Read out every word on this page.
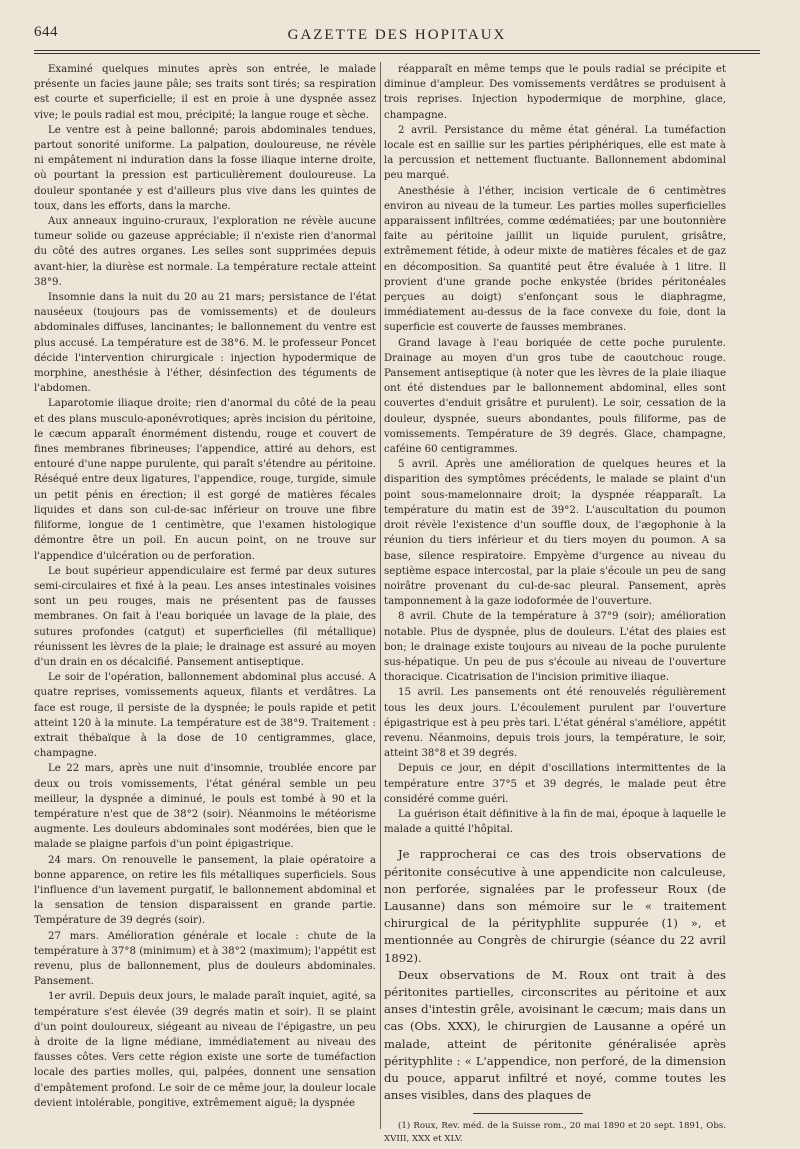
644	GAZETTE DES HOPITAUX

Examiné quelques minutes après son entrée, le malade présente un facies jaune pâle; ses traits sont tirés; sa respiration est courte et superficielle; il est en proie à une dyspnée assez vive; le pouls radial est mou, précipité; la langue rouge et sèche.

Le ventre est à peine ballonné; parois abdominales tendues, partout sonorité uniforme. La palpation, douloureuse, ne révèle ni empâtement ni induration dans la fosse iliaque interne droite, où pourtant la pression est particulièrement douloureuse. La douleur spontanée y est d'ailleurs plus vive dans les quintes de toux, dans les efforts, dans la marche.

Aux anneaux inguino-cruraux, l'exploration ne révèle aucune tumeur solide ou gazeuse appréciable; il n'existe rien d'anormal du côté des autres organes. Les selles sont supprimées depuis avant-hier, la diurèse est normale. La température rectale atteint 38°9.

Insomnie dans la nuit du 20 au 21 mars; persistance de l'état nauséeux (toujours pas de vomissements) et de douleurs abdominales diffuses, lancinantes; le ballonnement du ventre est plus accusé. La température est de 38°6. M. le professeur Poncet décide l'intervention chirurgicale : injection hypodermique de morphine, anesthésie à l'éther, désinfection des téguments de l'abdomen.

Laparotomie iliaque droite; rien d'anormal du côté de la peau et des plans musculo-aponévrotiques; après incision du péritoine, le cæcum apparaît énormément distendu, rouge et couvert de fines membranes fibrineuses; l'appendice, attiré au dehors, est entouré d'une nappe purulente, qui paraît s'étendre au péritoine. Réséqué entre deux ligatures, l'appendice, rouge, turgide, simule un petit pénis en érection; il est gorgé de matières fécales liquides et dans son cul-de-sac inférieur on trouve une fibre filiforme, longue de 1 centimètre, que l'examen histologique démontre être un poil. En aucun point, on ne trouve sur l'appendice d'ulcération ou de perforation.

Le bout supérieur appendiculaire est fermé par deux sutures semi-circulaires et fixé à la peau. Les anses intestinales voisines sont un peu rouges, mais ne présentent pas de fausses membranes. On fait à l'eau boriquée un lavage de la plaie, des sutures profondes (catgut) et superficielles (fil métallique) réunissent les lèvres de la plaie; le drainage est assuré au moyen d'un drain en os décalcifié. Pansement antiseptique.

Le soir de l'opération, ballonnement abdominal plus accusé. A quatre reprises, vomissements aqueux, filants et verdâtres. La face est rouge, il persiste de la dyspnée; le pouls rapide et petit atteint 120 à la minute. La température est de 38°9. Traitement : extrait thébaïque à la dose de 10 centigrammes, glace, champagne.

Le 22 mars, après une nuit d'insomnie, troublée encore par deux ou trois vomissements, l'état général semble un peu meilleur, la dyspnée a diminué, le pouls est tombé à 90 et la température n'est que de 38°2 (soir). Néanmoins le météorisme augmente. Les douleurs abdominales sont modérées, bien que le malade se plaigne parfois d'un point épigastrique.

24 mars. On renouvelle le pansement, la plaie opératoire a bonne apparence, on retire les fils métalliques superficiels. Sous l'influence d'un lavement purgatif, le ballonnement abdominal et la sensation de tension disparaissent en grande partie. Température de 39 degrés (soir).

27 mars. Amélioration générale et locale : chute de la température à 37°8 (minimum) et à 38°2 (maximum); l'appétit est revenu, plus de ballonnement, plus de douleurs abdominales. Pansement.

1er avril. Depuis deux jours, le malade paraît inquiet, agité, sa température s'est élevée (39 degrés matin et soir). Il se plaint d'un point douloureux, siégeant au niveau de l'épigastre, un peu à droite de la ligne médiane, immédiatement au niveau des fausses côtes. Vers cette région existe une sorte de tuméfaction locale des parties molles, qui, palpées, donnent une sensation d'empâtement profond. Le soir de ce même jour, la douleur locale devient intolérable, pongitive, extrêmement aiguë; la dyspnée

réapparaît en même temps que le pouls radial se précipite et diminue d'ampleur. Des vomissements verdâtres se produisent à trois reprises. Injection hypodermique de morphine, glace, champagne.

2 avril. Persistance du même état général. La tuméfaction locale est en saillie sur les parties périphériques, elle est mate à la percussion et nettement fluctuante. Ballonnement abdominal peu marqué.

Anesthésie à l'éther, incision verticale de 6 centimètres environ au niveau de la tumeur. Les parties molles superficielles apparaissent infiltrées, comme œdématiées; par une boutonnière faite au péritoine jaillit un liquide purulent, grisâtre, extrêmement fétide, à odeur mixte de matières fécales et de gaz en décomposition. Sa quantité peut être évaluée à 1 litre. Il provient d'une grande poche enkystée (brides péritonéales perçues au doigt) s'enfonçant sous le diaphragme, immédiatement au-dessus de la face convexe du foie, dont la superficie est couverte de fausses membranes.

Grand lavage à l'eau boriquée de cette poche purulente. Drainage au moyen d'un gros tube de caoutchouc rouge. Pansement antiseptique (à noter que les lèvres de la plaie iliaque ont été distendues par le ballonnement abdominal, elles sont couvertes d'enduit grisâtre et purulent). Le soir, cessation de la douleur, dyspnée, sueurs abondantes, pouls filiforme, pas de vomissements. Température de 39 degrés. Glace, champagne, caféine 60 centigrammes.

5 avril. Après une amélioration de quelques heures et la disparition des symptômes précédents, le malade se plaint d'un point sous-mamelonnaire droit; la dyspnée réapparaît. La température du matin est de 39°2. L'auscultation du poumon droit révèle l'existence d'un souffle doux, de l'ægophonie à la réunion du tiers inférieur et du tiers moyen du poumon. A sa base, silence respiratoire. Empyème d'urgence au niveau du septième espace intercostal, par la plaie s'écoule un peu de sang noirâtre provenant du cul-de-sac pleural. Pansement, après tamponnement à la gaze iodoformée de l'ouverture.

8 avril. Chute de la température à 37°9 (soir); amélioration notable. Plus de dyspnée, plus de douleurs. L'état des plaies est bon; le drainage existe toujours au niveau de la poche purulente sus-hépatique. Un peu de pus s'écoule au niveau de l'ouverture thoracique. Cicatrisation de l'incision primitive iliaque.

15 avril. Les pansements ont été renouvelés régulièrement tous les deux jours. L'écoulement purulent par l'ouverture épigastrique est à peu près tari. L'état général s'améliore, appétit revenu. Néanmoins, depuis trois jours, la température, le soir, atteint 38°8 et 39 degrés.

Depuis ce jour, en dépit d'oscillations intermittentes de la température entre 37°5 et 39 degrés, le malade peut être considéré comme guéri.

La guérison était définitive à la fin de mai, époque à laquelle le malade a quitté l'hôpital.

Je rapprocherai ce cas des trois observations de péritonite consécutive à une appendicite non calculeuse, non perforée, signalées par le professeur Roux (de Lausanne) dans son mémoire sur le « traitement chirurgical de la pérityphlite suppurée (1) », et mentionnée au Congrès de chirurgie (séance du 22 avril 1892).

Deux observations de M. Roux ont trait à des péritonites partielles, circonscrites au péritoine et aux anses d'intestin grêle, avoisinant le cæcum; mais dans un cas (Obs. XXX), le chirurgien de Lausanne a opéré un malade, atteint de péritonite généralisée après pérityphlite : « L'appendice, non perforé, de la dimension du pouce, apparut infiltré et noyé, comme toutes les anses visibles, dans des plaques de

(1) Roux, Rev. méd. de la Suisse rom., 20 mai 1890 et 20 sept. 1891, Obs. XVIII, XXX et XLV.
